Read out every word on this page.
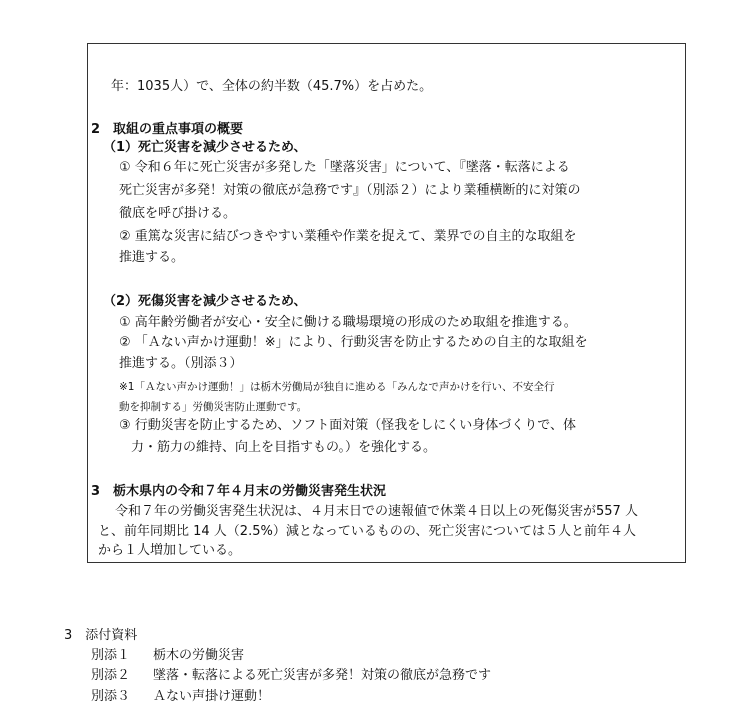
年：1035人）で、全体の約半数（45.7%）を占めた。
2　取組の重点事項の概要
（1）死亡災害を減少させるため、
① 令和６年に死亡災害が多発した「墜落災害」について、『墜落・転落による
死亡災害が多発！対策の徹底が急務です』（別添２）により業種横断的に対策の
徹底を呼び掛ける。
② 重篤な災害に結びつきやすい業種や作業を捉えて、業界での自主的な取組を
推進する。
（2）死傷災害を減少させるため、
① 高年齢労働者が安心・安全に働ける職場環境の形成のため取組を推進する。
② 「Ａない声かけ運動！※」により、行動災害を防止するための自主的な取組を
推進する。（別添３）
※1「Ａない声かけ運動！」は栃木労働局が独自に進める「みんなで声かけを行い、不安全行
動を抑制する」労働災害防止運動です。
③ 行動災害を防止するため、ソフト面対策（怪我をしにくい身体づくりで、体
力・筋力の維持、向上を目指すもの。）を強化する。
3　栃木県内の令和７年４月末の労働災害発生状況
令和７年の労働災害発生状況は、４月末日での速報値で休業４日以上の死傷災害が557 人
と、前年同期比 14 人（2.5%）減となっているものの、死亡災害については５人と前年４人
から１人増加している。
3　添付資料
別添１ 栃木の労働災害
別添２ 墜落・転落による死亡災害が多発！対策の徹底が急務です
別添３ Ａない声掛け運動！
